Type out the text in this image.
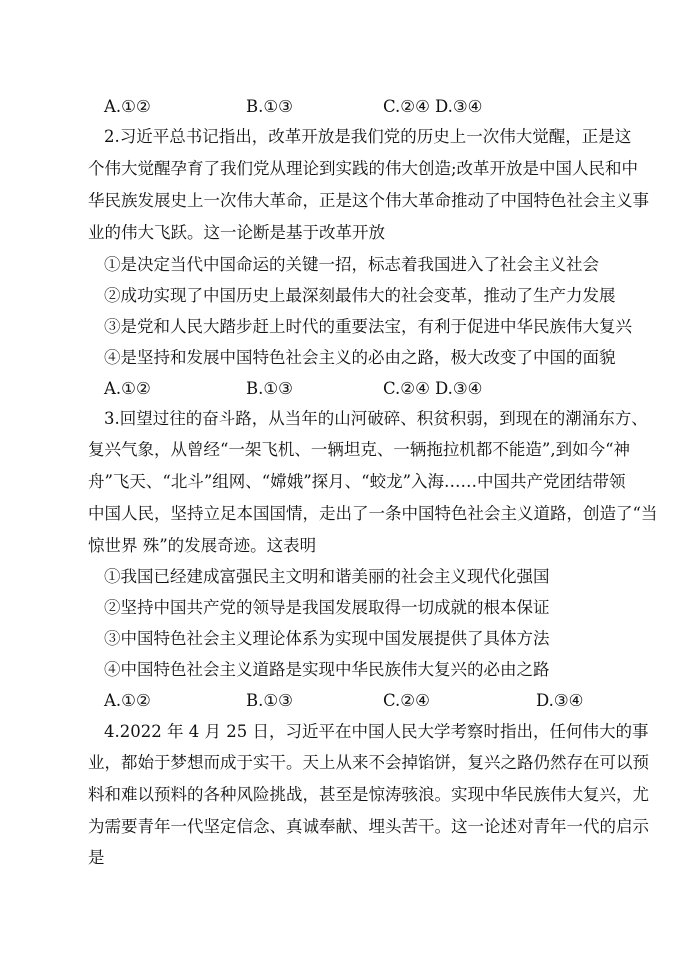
A.①②	B.①③	C.②④ D.③④
2.习近平总书记指出，改革开放是我们党的历史上一次伟大觉醒，正是这
个伟大觉醒孕育了我们党从理论到实践的伟大创造;改革开放是中国人民和中
华民族发展史上一次伟大革命，正是这个伟大革命推动了中国特色社会主义事
业的伟大飞跃。这一论断是基于改革开放
①是决定当代中国命运的关键一招，标志着我国进入了社会主义社会
②成功实现了中国历史上最深刻最伟大的社会变革，推动了生产力发展
③是党和人民大踏步赶上时代的重要法宝，有利于促进中华民族伟大复兴
④是坚持和发展中国特色社会主义的必由之路，极大改变了中国的面貌
A.①②	B.①③	C.②④ D.③④
3.回望过往的奋斗路，从当年的山河破碎、积贫积弱，到现在的潮涌东方、
复兴气象，从曾经“一架飞机、一辆坦克、一辆拖拉机都不能造”,到如今“神
舟”飞天、“北斗”组网、“嫦娥”探月、“蛟龙”入海……中国共产党团结带领
中国人民，坚持立足本国国情，走出了一条中国特色社会主义道路，创造了“当
惊世界 殊”的发展奇迹。这表明
①我国已经建成富强民主文明和谐美丽的社会主义现代化强国
②坚持中国共产党的领导是我国发展取得一切成就的根本保证
③中国特色社会主义理论体系为实现中国发展提供了具体方法
④中国特色社会主义道路是实现中华民族伟大复兴的必由之路
A.①②	B.①③	C.②④	D.③④
4.2022 年 4 月 25 日，习近平在中国人民大学考察时指出，任何伟大的事
业，都始于梦想而成于实干。天上从来不会掉馅饼，复兴之路仍然存在可以预
料和难以预料的各种风险挑战，甚至是惊涛骇浪。实现中华民族伟大复兴，尤
为需要青年一代坚定信念、真诚奉献、埋头苦干。这一论述对青年一代的启示
是
